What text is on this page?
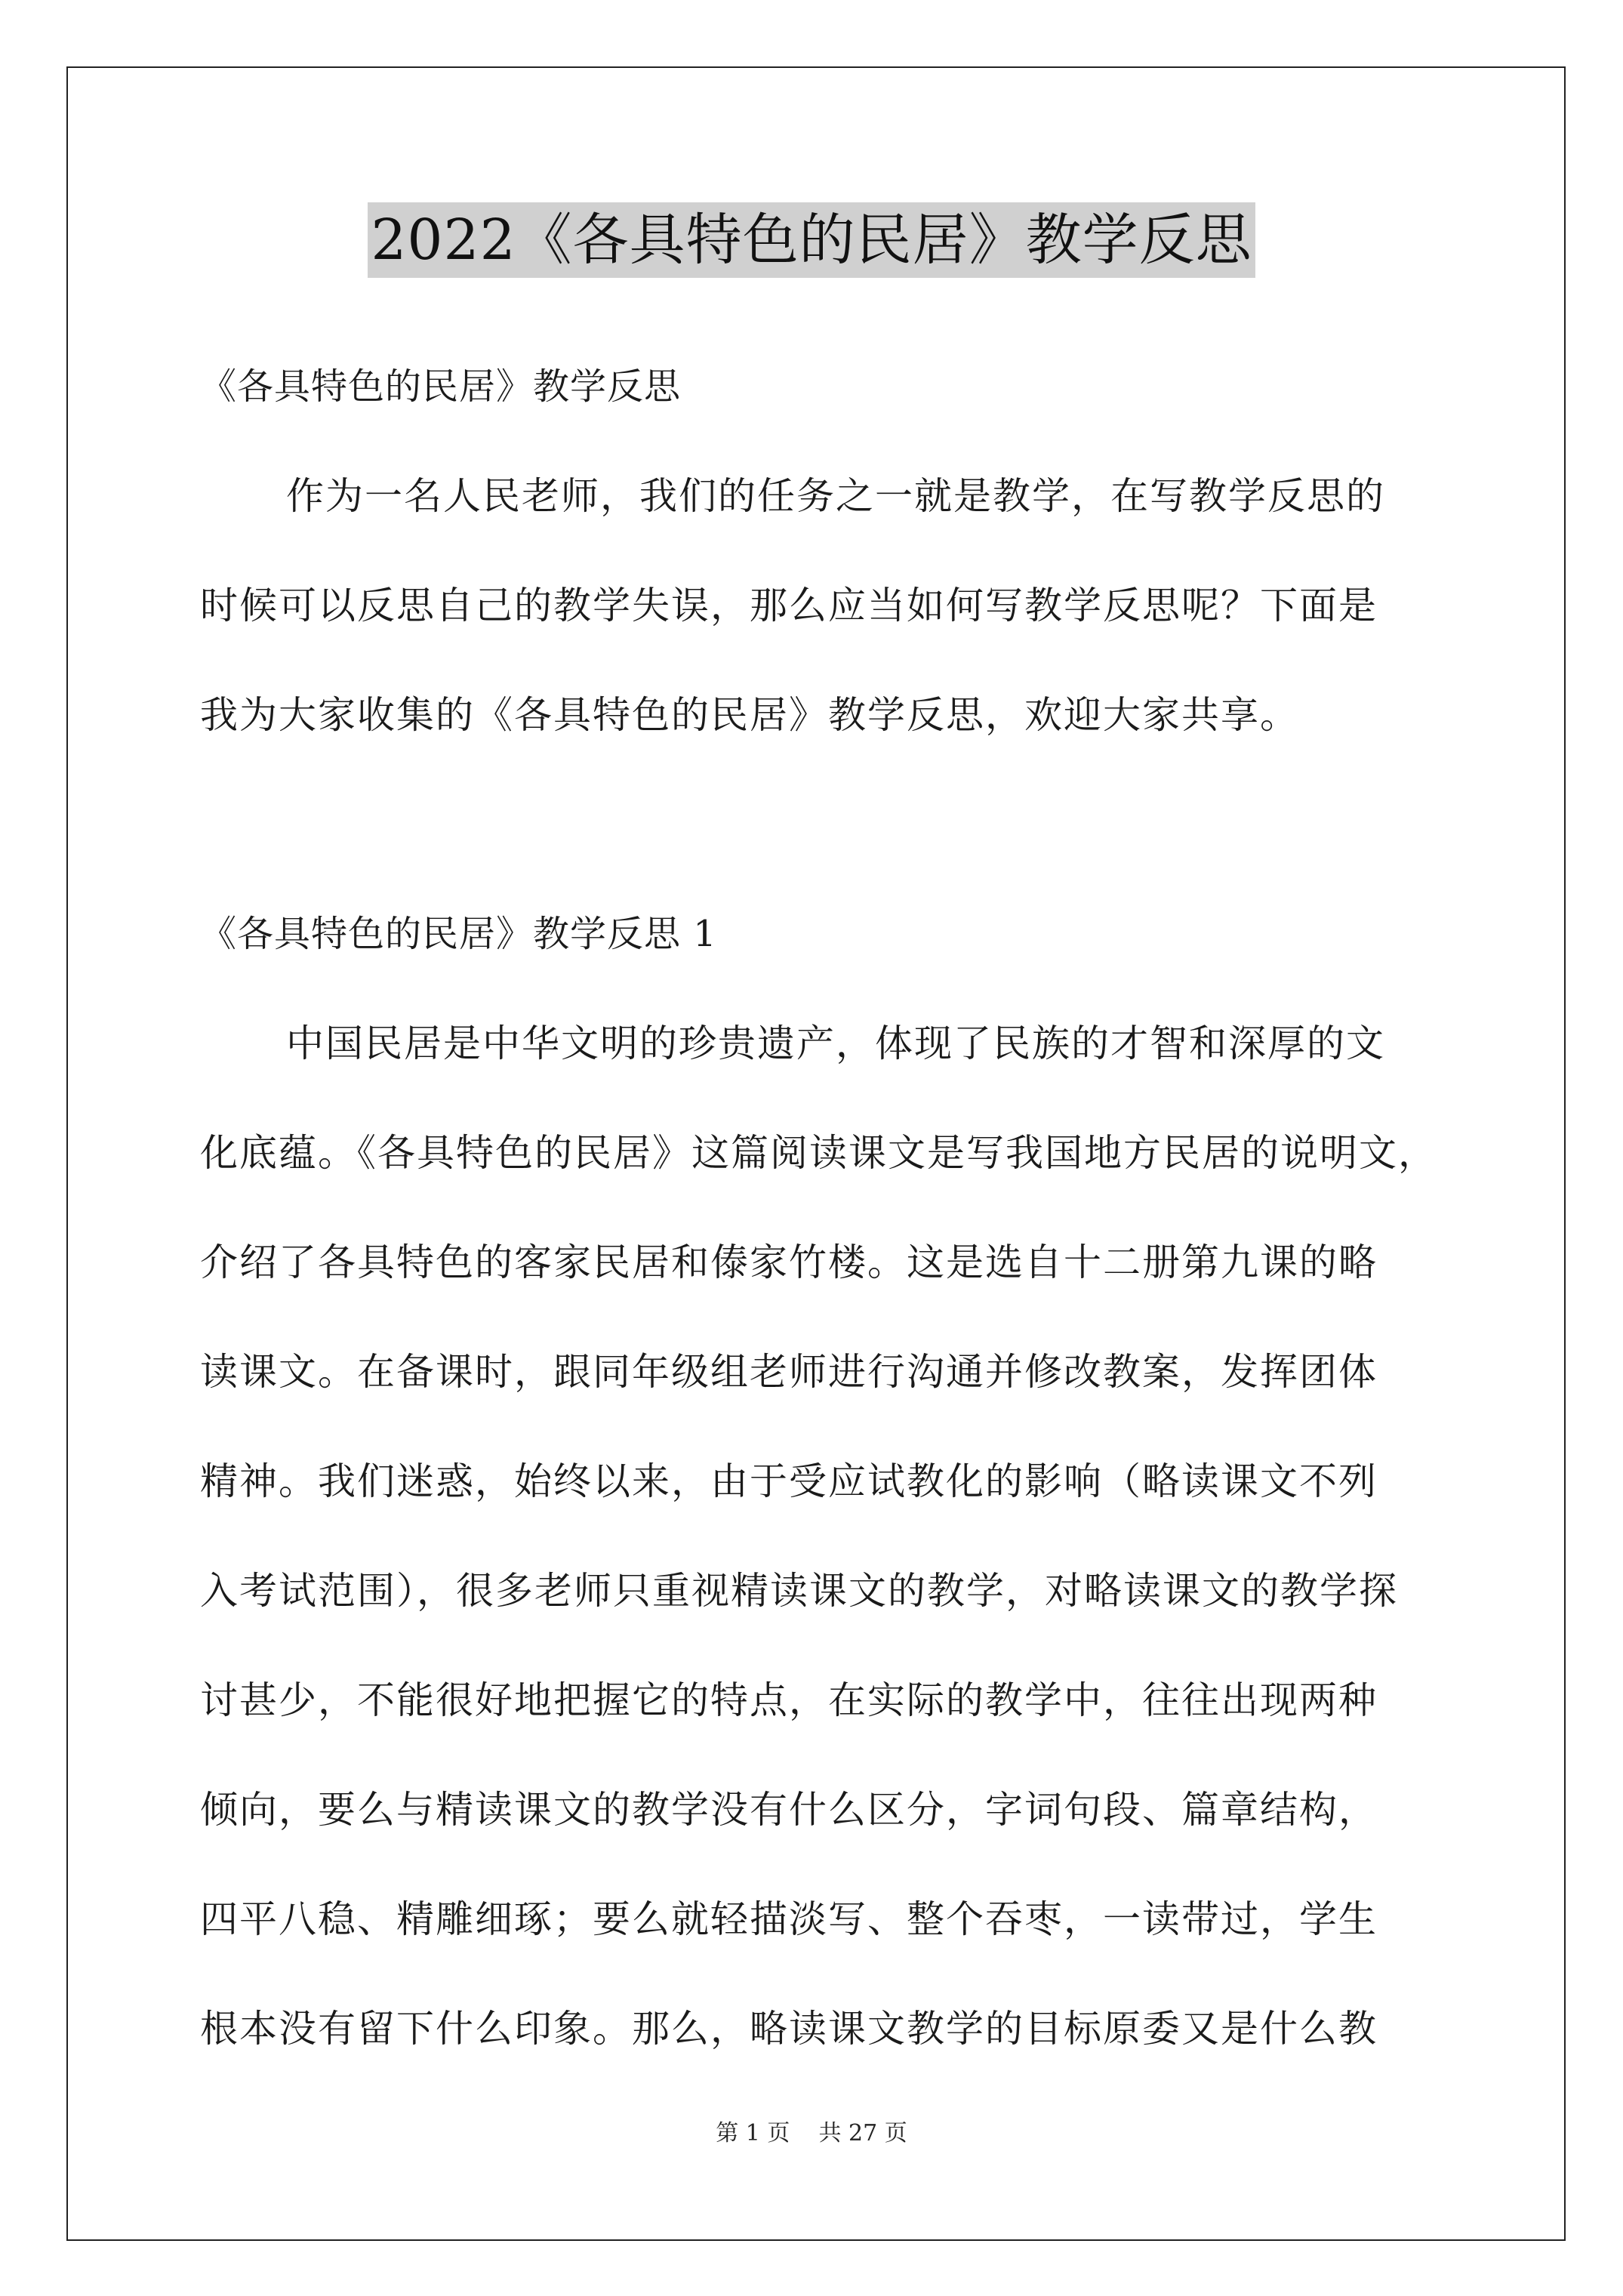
2022《各具特色的民居》教学反思
《各具特色的民居》教学反思
作为一名人民老师，我们的任务之一就是教学，在写教学反思的
时候可以反思自己的教学失误，那么应当如何写教学反思呢？下面是
我为大家收集的《各具特色的民居》教学反思，欢迎大家共享。
《各具特色的民居》教学反思 1
中国民居是中华文明的珍贵遗产，体现了民族的才智和深厚的文
化底蕴。《各具特色的民居》这篇阅读课文是写我国地方民居的说明文，
介绍了各具特色的客家民居和傣家竹楼。这是选自十二册第九课的略
读课文。在备课时，跟同年级组老师进行沟通并修改教案，发挥团体
精神。我们迷惑，始终以来，由于受应试教化的影响（略读课文不列
入考试范围），很多老师只重视精读课文的教学，对略读课文的教学探
讨甚少，不能很好地把握它的特点，在实际的教学中，往往出现两种
倾向，要么与精读课文的教学没有什么区分，字词句段、篇章结构，
四平八稳、精雕细琢；要么就轻描淡写、整个吞枣，一读带过，学生
根本没有留下什么印象。那么，略读课文教学的目标原委又是什么教
第 1 页    共 27 页
